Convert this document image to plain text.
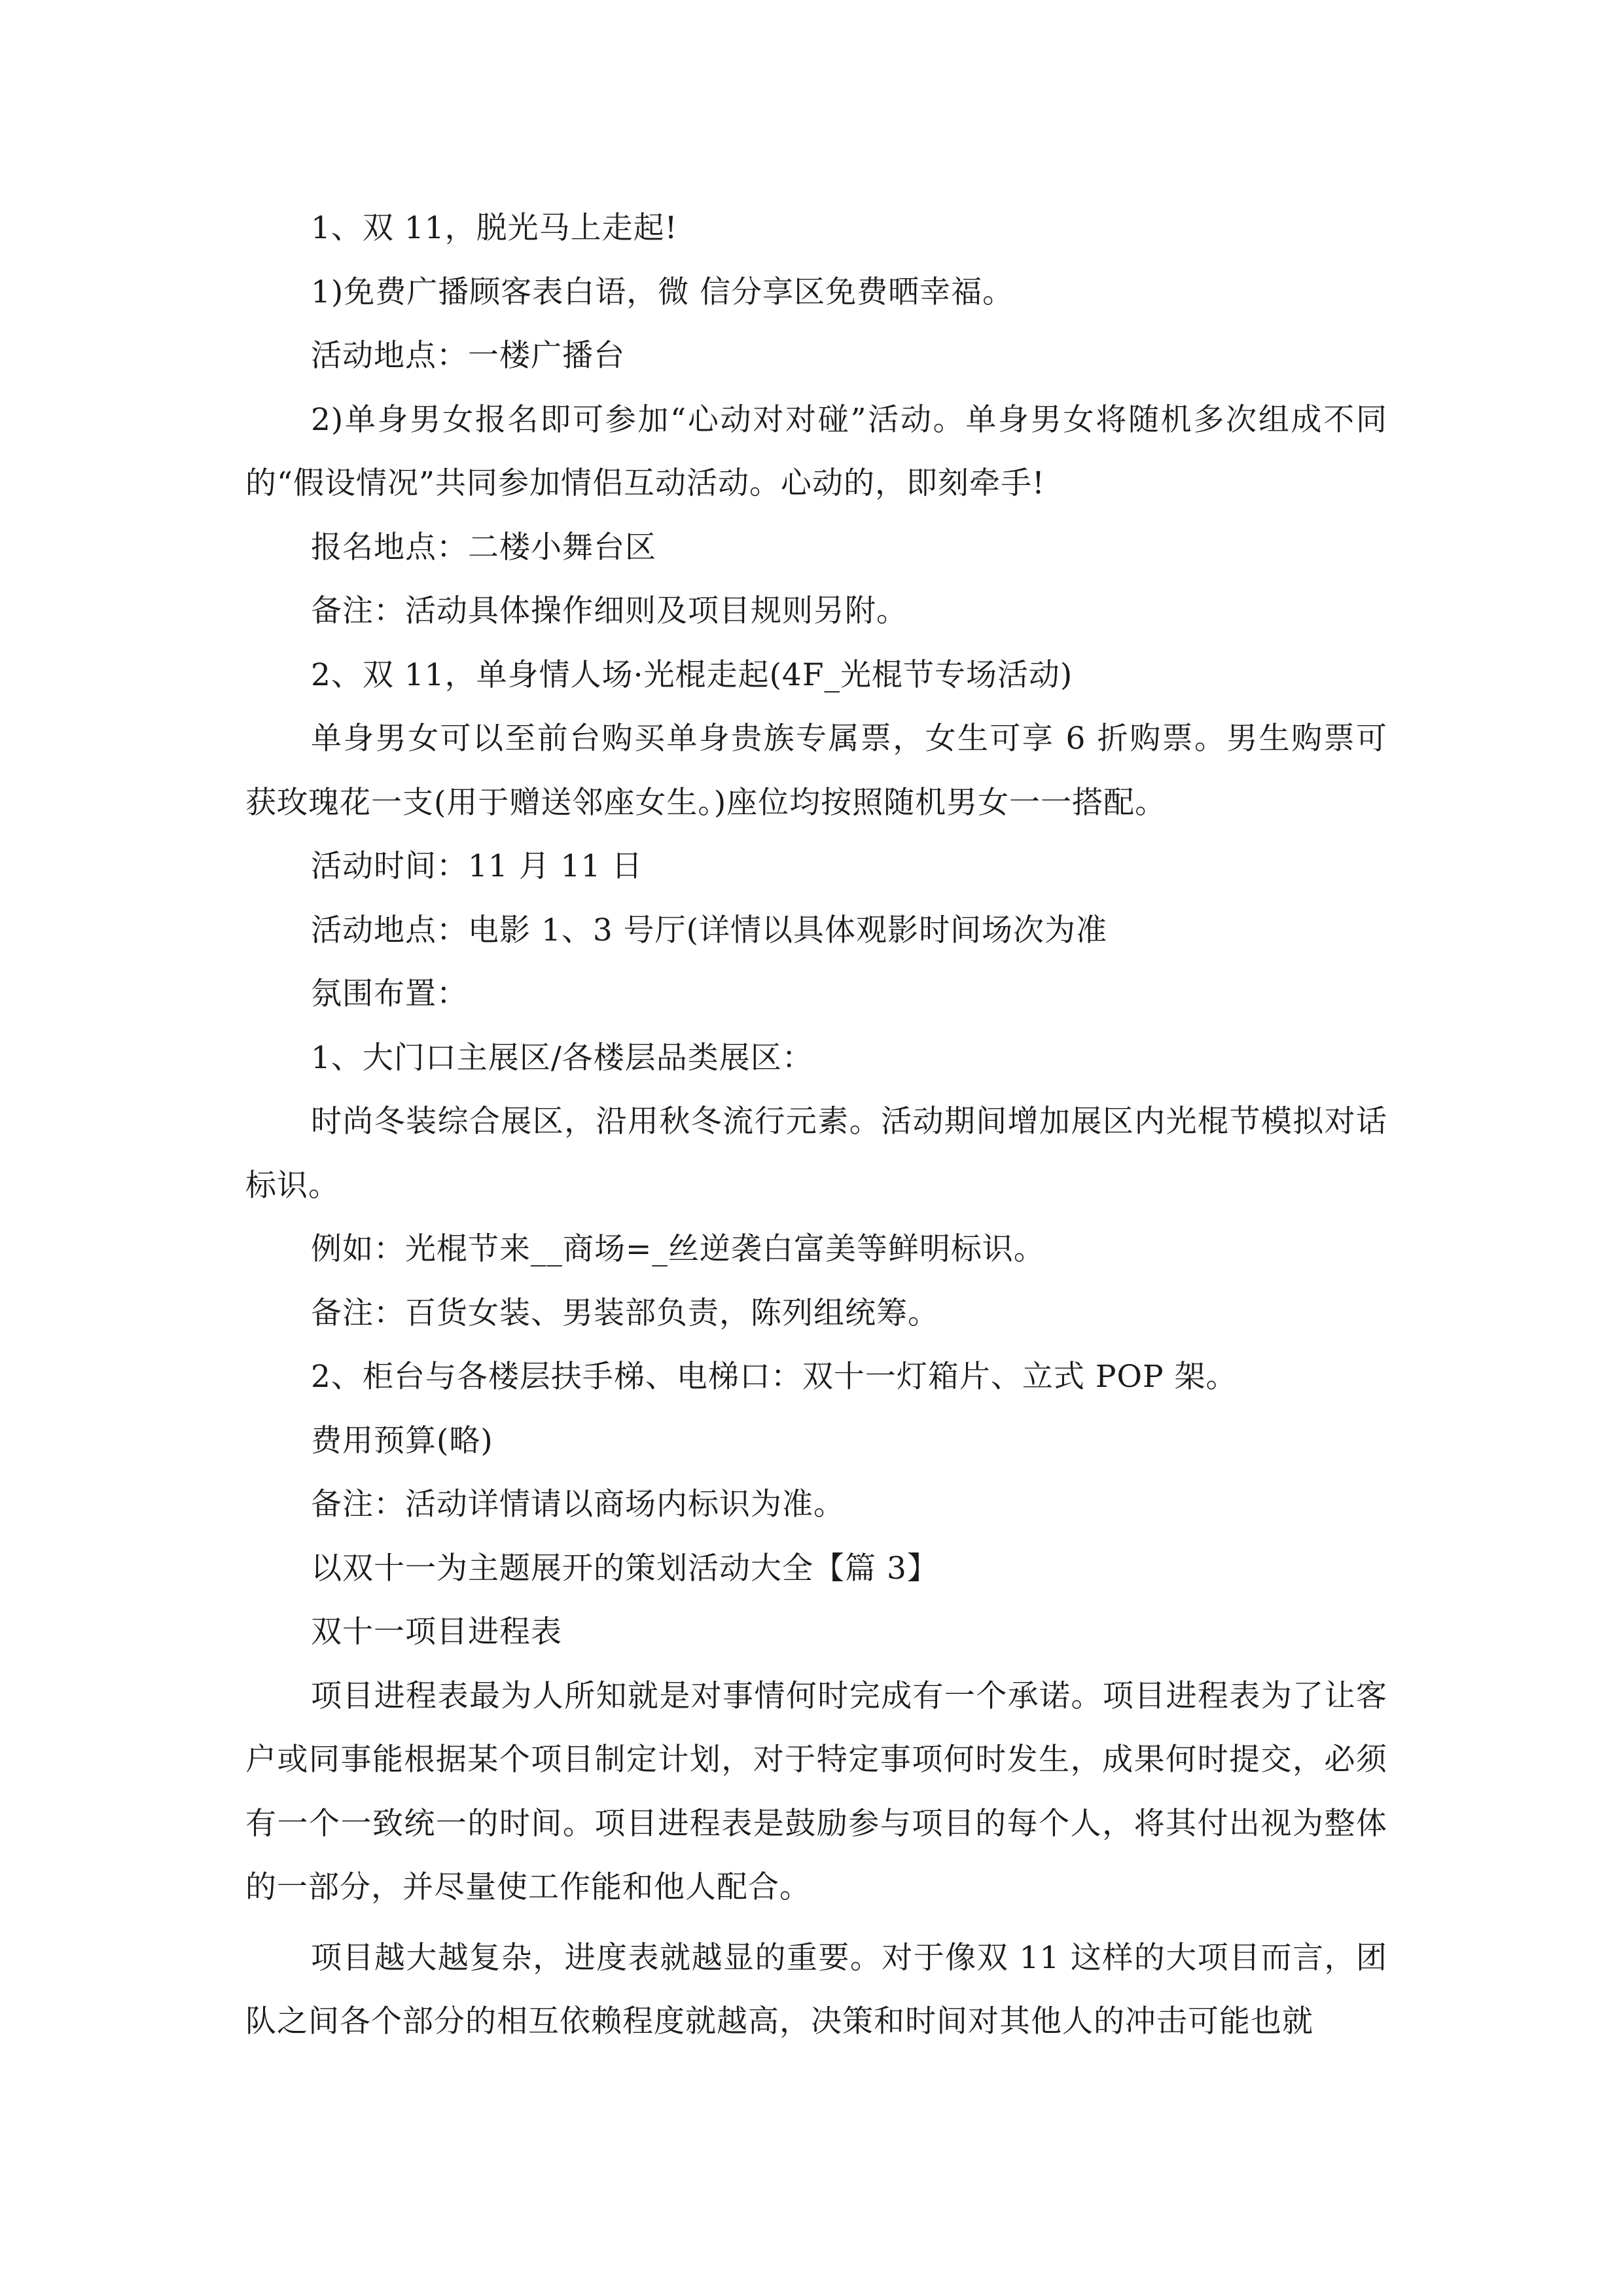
1、双 11，脱光马上走起!

1)免费广播顾客表白语，微 信分享区免费晒幸福。

活动地点：一楼广播台

2)单身男女报名即可参加“心动对对碰”活动。单身男女将随机多次组成不同的“假设情况”共同参加情侣互动活动。心动的，即刻牵手!

报名地点：二楼小舞台区

备注：活动具体操作细则及项目规则另附。

2、双 11，单身情人场·光棍走起(4F_光棍节专场活动)

单身男女可以至前台购买单身贵族专属票，女生可享 6 折购票。男生购票可获玫瑰花一支(用于赠送邻座女生。)座位均按照随机男女一一搭配。

活动时间：11 月 11 日

活动地点：电影 1、3 号厅(详情以具体观影时间场次为准

氛围布置：

1、大门口主展区/各楼层品类展区：

时尚冬装综合展区，沿用秋冬流行元素。活动期间增加展区内光棍节模拟对话标识。

例如：光棍节来__商场=_丝逆袭白富美等鲜明标识。

备注：百货女装、男装部负责，陈列组统筹。

2、柜台与各楼层扶手梯、电梯口：双十一灯箱片、立式 POP 架。

费用预算(略)

备注：活动详情请以商场内标识为准。

以双十一为主题展开的策划活动大全【篇 3】

双十一项目进程表

项目进程表最为人所知就是对事情何时完成有一个承诺。项目进程表为了让客户或同事能根据某个项目制定计划，对于特定事项何时发生，成果何时提交，必须有一个一致统一的时间。项目进程表是鼓励参与项目的每个人，将其付出视为整体的一部分，并尽量使工作能和他人配合。

项目越大越复杂，进度表就越显的重要。对于像双 11 这样的大项目而言，团队之间各个部分的相互依赖程度就越高，决策和时间对其他人的冲击可能也就
